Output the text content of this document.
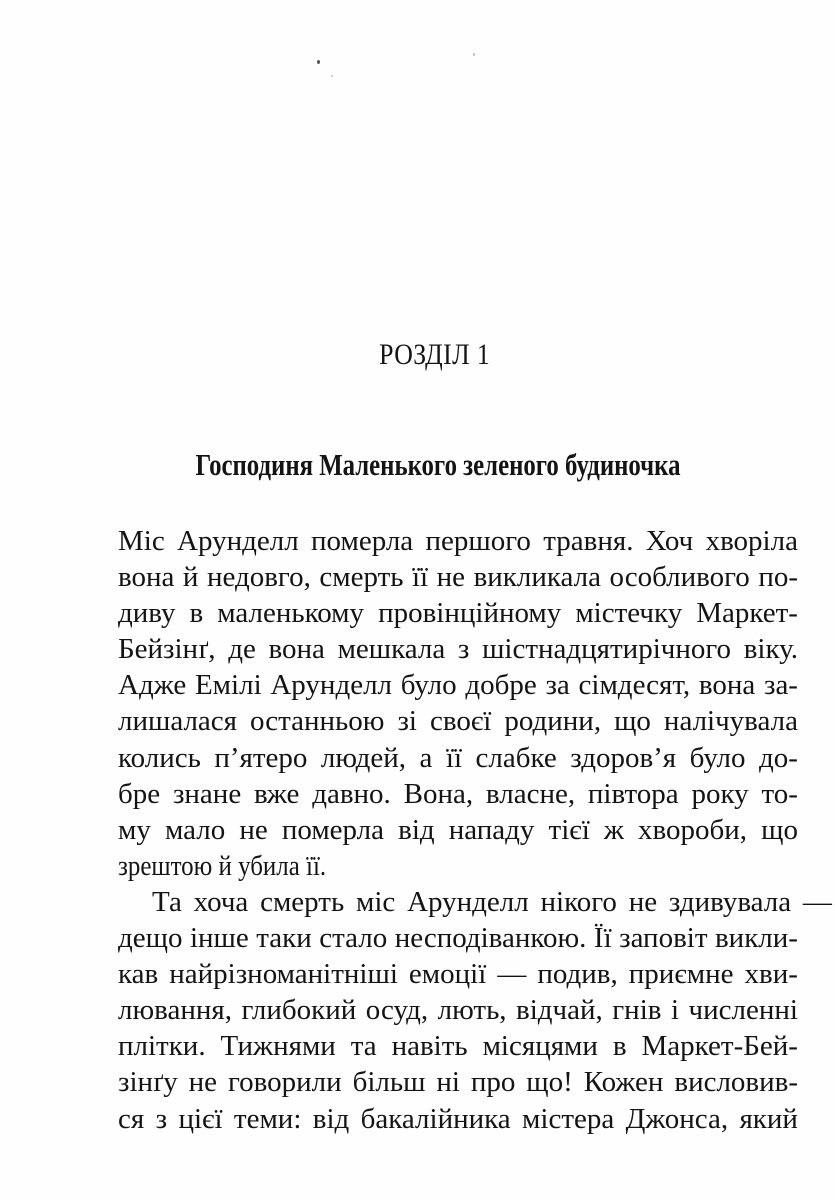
РОЗДІЛ 1
Господиня Маленького зеленого будиночка
Міс Арунделл померла першого травня. Хоч хворіла
вона й недовго, смерть її не викликала особливого по-
диву в маленькому провінційному містечку Маркет-
Бейзінґ, де вона мешкала з шістнадцятирічного віку.
Адже Емілі Арунделл було добре за сімдесят, вона за-
лишалася останньою зі своєї родини, що налічувала
колись п’ятеро людей, а її слабке здоров’я було до-
бре знане вже давно. Вона, власне, півтора року то-
му мало не померла від нападу тієї ж хвороби, що
зрештою й убила її.
Та хоча смерть міс Арунделл нікого не здивувала —
дещо інше таки стало несподіванкою. Її заповіт викли-
кав найрізноманітніші емоції — подив, приємне хви-
лювання, глибокий осуд, лють, відчай, гнів і численні
плітки. Тижнями та навіть місяцями в Маркет-Бей-
зінґу не говорили більш ні про що! Кожен висловив-
ся з цієї теми: від бакалійника містера Джонса, який
